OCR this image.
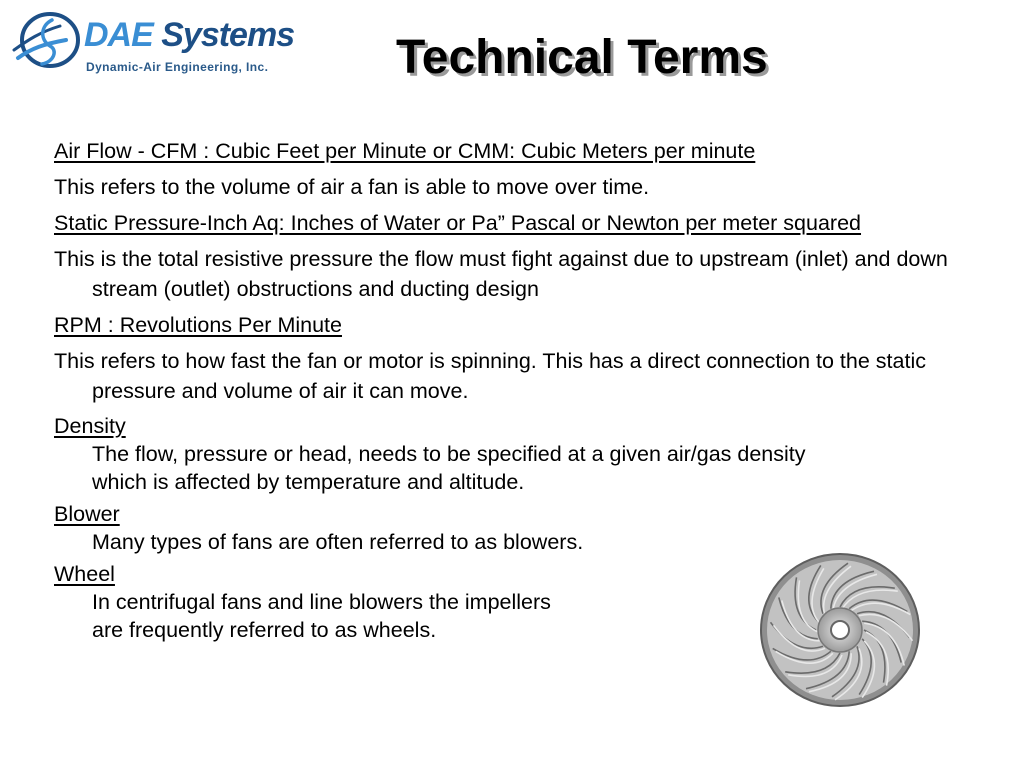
DAE Systems
Dynamic-Air Engineering, Inc.	Technical Terms
Air Flow - CFM : Cubic Feet per Minute or CMM: Cubic Meters per minute
This refers to the volume of air a fan is able to move over time.
Static Pressure-Inch Aq: Inches of Water or Pa” Pascal or Newton per meter squared
This is the total resistive pressure the flow must fight against due to upstream (inlet) and down stream (outlet) obstructions and ducting design
RPM : Revolutions Per Minute
This refers to how fast the fan or motor is spinning. This has a direct connection to the static pressure and volume of air it can move.
Density
The flow, pressure or head, needs to be specified at a given air/gas density
which is affected by temperature and altitude.
Blower
Many types of fans are often referred to as blowers.
Wheel
In centrifugal fans and line blowers the impellers
are frequently referred to as wheels.
